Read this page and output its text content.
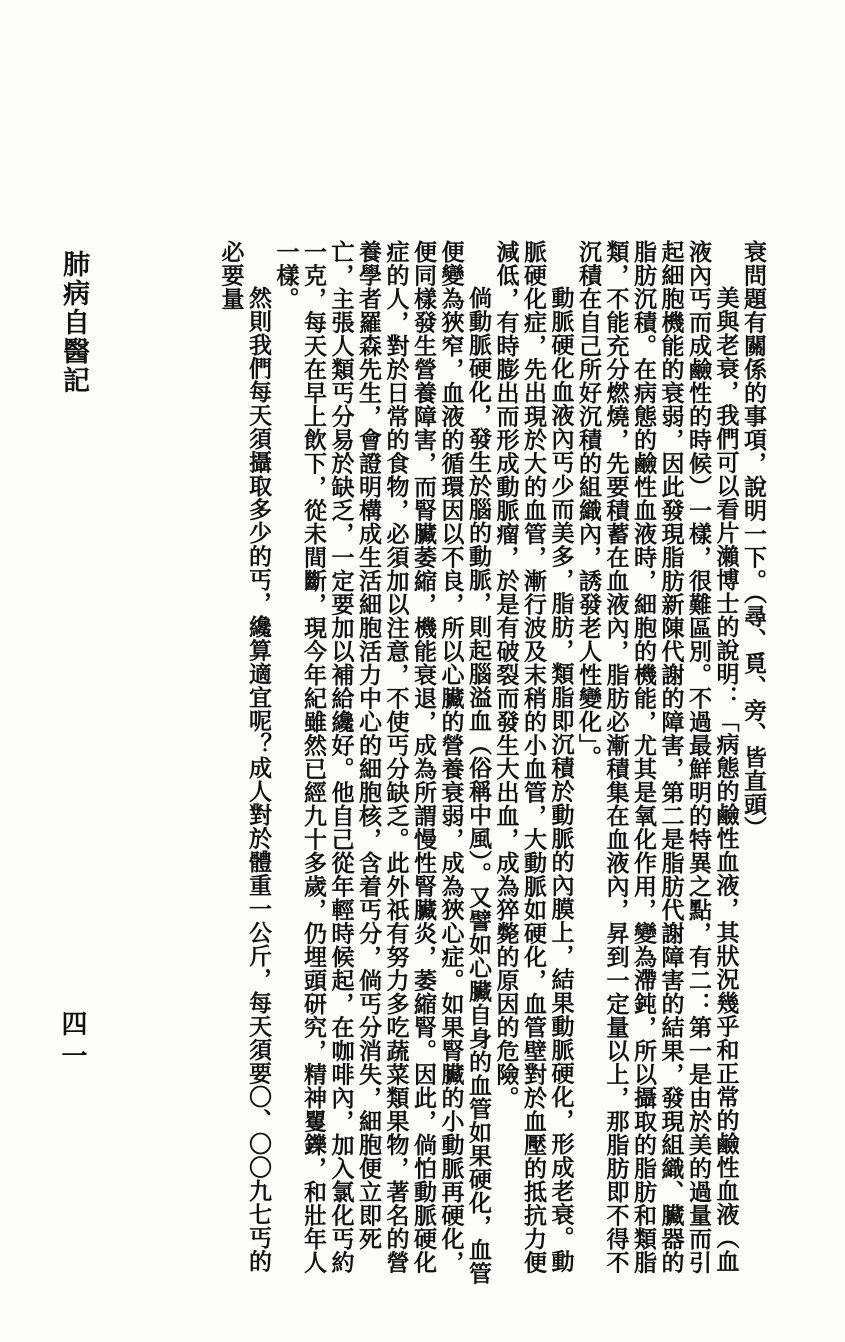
肺病自醫記
四一

衰問題有關係的事項，說明一下。（尋、覓、旁、皆直頭）

美與老衰，我們可以看片瀨博士的說明：「病態的鹼性血液，其狀況幾乎和正常的鹼性血液（血液內丐而成鹼性的時候）一樣，很難區別。不過最鮮明的特異之點，有二：第一是由於美的過量而引起細胞機能的衰弱，因此發現脂肪新陳代謝的障害，第二是脂肪代謝障害的結果，發現組織、臟器的脂肪沉積。在病態的鹼性血液時，細胞的機能，尤其是氧化作用，變為滯鈍，所以攝取的脂肪和類脂類，不能充分燃燒，先要積蓄在血液內，脂肪必漸積集在血液內，昇到一定量以上，那脂肪即不得不沉積在自己所好沉積的組織內，誘發老人性變化」。

動脈硬化血液內丐少而美多，脂肪，類脂即沉積於動脈的內膜上，結果動脈硬化，形成老衰。動脈硬化症，先出現於大的血管，漸行波及末稍的小血管，大動脈如硬化，血管壁對於血壓的抵抗力便減低，有時膨出而形成動脈瘤，於是有破裂而發生大出血，成為猝斃的原因的危險。

倘動脈硬化，發生於腦的動脈，則起腦溢血（俗稱中風）。又譬如心臟自身的血管如果硬化，血管便變為狹窄，血液的循環因以不良，所以心臟的營養衰弱，成為狹心症。如果腎臟的小動脈再硬化，便同樣發生營養障害，而腎臟萎縮，機能衰退，成為所謂慢性腎臟炎，萎縮腎。因此，倘怕動脈硬化症的人，對於日常的食物，必須加以注意，不使丐分缺乏。此外祇有努力多吃蔬菜類果物，著名的營養學者羅森先生，會證明構成生活細胞活力中心的細胞核，含着丐分，倘丐分消失，細胞便立即死亡，主張人類丐分易於缺乏，一定要加以補給纔好。他自己從年輕時候起，在咖啡內，加入氯化丐約一克，每天在早上飲下，從未間斷，現今年紀雖然已經九十多歲，仍埋頭研究，精神矍鑠，和壯年人一樣。

然則我們每天須攝取多少的丐，纔算適宜呢？成人對於體重一公斤，每天須要〇、〇〇九七丐的必要量
